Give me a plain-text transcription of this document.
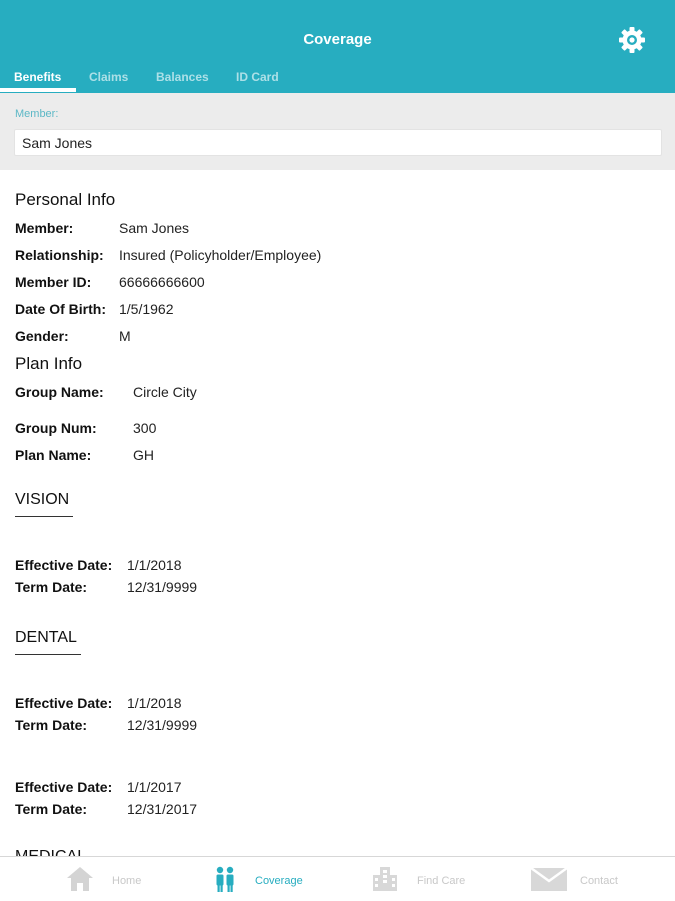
Coverage
Benefits Claims Balances ID Card
Member:
Sam Jones
Personal Info
Member:	Sam Jones
Relationship: Insured (Policyholder/Employee)
Member ID: 66666666600
Date Of Birth: 1/5/1962
Gender:	M
Plan Info
Group Name: Circle City
Group Num:	300
Plan Name:	GH
VISION
Effective Date: 1/1/2018
Term Date:	12/31/9999
DENTAL
Effective Date: 1/1/2018
Term Date:	12/31/9999
Effective Date: 1/1/2017
Term Date:	12/31/2017
Home	Coverage	Find Care	Contact
